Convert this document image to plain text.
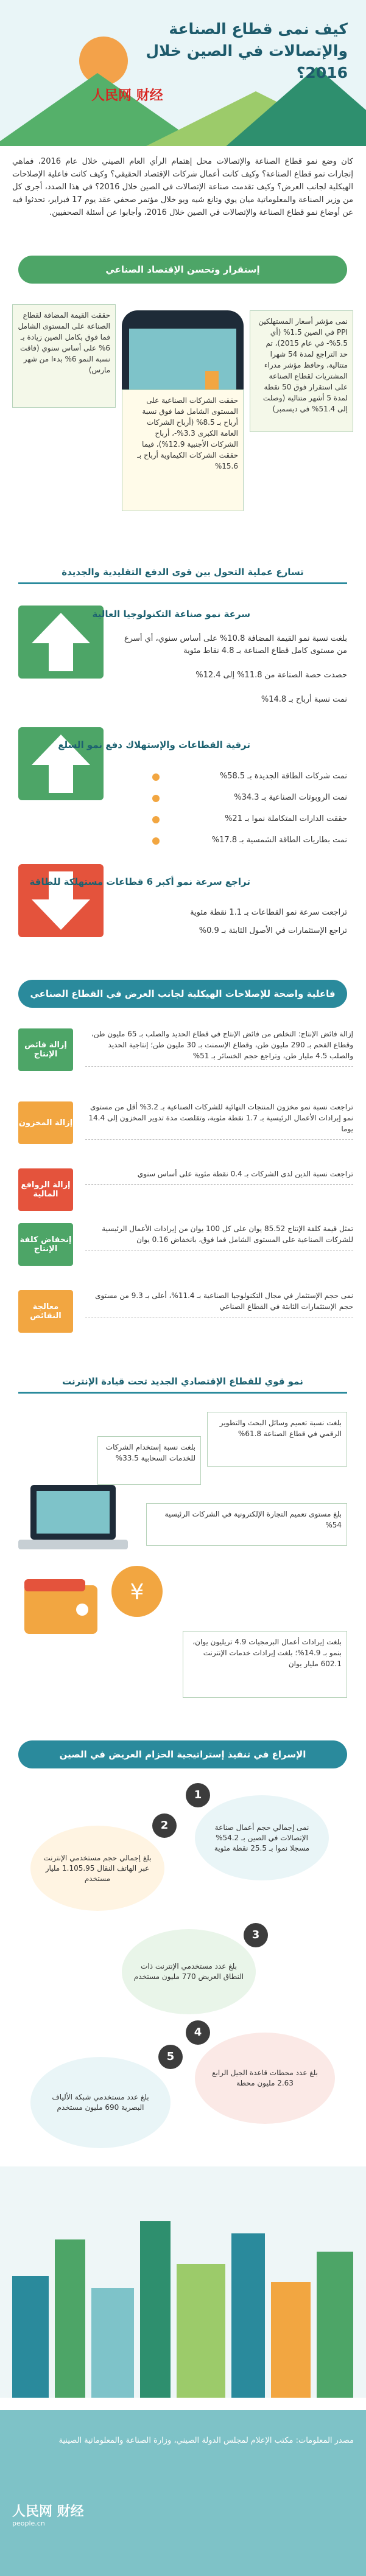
كيف نمى قطاع الصناعة والإتصالات في الصين خلال 2016؟
人民网 财经
كان وضع نمو قطاع الصناعة والإتصالات محل إهتمام الرأي العام الصيني خلال عام 2016، فماهي إنجازات نمو قطاع الصناعة؟ وكيف كانت أعمال شركات الإقتصاد الحقيقي؟ وكيف كانت فاعلية الإصلاحات الهيكلية لجانب العرض؟ وكيف تقدمت صناعة الإتصالات في الصين خلال 2016؟ في هذا الصدد، أجرى كل من وزير الصناعة والمعلوماتية ميان يوي وتانغ شيه ويو خلال مؤتمر صحفي عقد يوم 17 فبراير، تحدثوا فيه عن أوضاع نمو قطاع الصناعة والإتصالات في الصين خلال 2016، وأجابوا عن أسئلة الصحفيين.
إستقرار وتحسن الإقتصاد الصناعي
حققت القيمة المضافة لقطاع الصناعة على المستوى الشامل فما فوق بكامل الصين زيادة بـ 6% على أساس سنوي (فاقت نسبة النمو 6% بدءا من شهر مارس)
نمى مؤشر أسعار المستهلكين PPI في الصين 1.5% (أي 5.5%- في عام 2015)، تم حد التراجع لمدة 54 شهرا متتالية، وحافظ مؤشر مدراء المشتريات لقطاع الصناعة على استقرار فوق 50 نقطة لمدة 5 أشهر متتالية (وصلت إلى 51.4% في ديسمبر)
حققت الشركات الصناعية على المستوى الشامل فما فوق نسبة أرباح بـ 8.5% (أرباح الشركات العامة الكبرى 3.3%-، أرباح الشركات الأجنبية 12.9%)، فيما حققت الشركات الكيماوية أرباح بـ 15.6%
تسارع عملية التحول بين قوى الدفع التقليدية والجديدة
سرعة نمو صناعة التكنولوجيا العالية
بلغت نسبة نمو القيمة المضافة 10.8% على أساس سنوي، أي أسرع من مستوى كامل قطاع الصناعة بـ 4.8 نقاط مئوية
حصدت حصة الصناعة من 11.8% إلى 12.4%
نمت نسبة أرباح بـ 14.8%
ترقية القطاعات والإستهلاك دفع نمو السلع
نمت شركات الطاقة الجديدة بـ 58.5%
نمت الروبوتات الصناعية بـ 34.3%
حققت الدارات المتكاملة نموا بـ 21%
نمت بطاريات الطاقة الشمسية بـ 17.8%
تراجع سرعة نمو أكبر 6 قطاعات مستهلكة للطاقة
تراجعت سرعة نمو القطاعات بـ 1.1 نقطة مئوية
تراجع الإستثمارات في الأصول الثابتة بـ 0.9%
فاعلية واضحة للإصلاحات الهيكلية لجانب العرض في القطاع الصناعي
إزالة فائض الإنتاج
إزالة فائض الإنتاج: التخلص من فائض الإنتاج في قطاع الحديد والصلب بـ 65 مليون طن، وقطاع الفحم بـ 290 مليون طن، وقطاع الإسمنت بـ 30 مليون طن؛ إنتاجية الحديد والصلب 4.5 مليار طن، وتراجع حجم الخسائر بـ 51%
إزالة المخزون
تراجعت نسبة نمو مخزون المنتجات النهائية للشركات الصناعية بـ 3.2% أقل من مستوى نمو إيرادات الأعمال الرئيسية بـ 1.7 نقطة مئوية، وتقلصت مدة تدوير المخزون إلى 14.4 يوما
إزالة الروافع المالية
تراجعت نسبة الدين لدى الشركات بـ 0.4 نقطة مئوية على أساس سنوي
إنخفاض كلفة الإنتاج
تمثل قيمة كلفة الإنتاج 85.52 يوان على كل 100 يوان من إيرادات الأعمال الرئيسية للشركات الصناعية على المستوى الشامل فما فوق، بانخفاض 0.16 يوان
معالجة النقائص
نمى حجم الإستثمار في مجال التكنولوجيا الصناعية بـ 11.4%، أعلى بـ 9.3 من مستوى حجم الإستثمارات الثابتة في القطاع الصناعي
نمو قوي للقطاع الإقتصادي الجديد تحت قيادة الإنترنت
بلغت نسبة تعميم وسائل البحث والتطوير الرقمي في قطاع الصناعة 61.8%
بلغت نسبة إستخدام الشركات للخدمات السحابية 33.5%
بلغ مستوى تعميم التجارة الإلكترونية في الشركات الرئيسية 54%
¥
بلغت إيرادات أعمال البرمجيات 4.9 تريليون يوان، بنمو بـ 14.9%؛ بلغت إيرادات خدمات الإنترنت 602.1 مليار يوان
الإسراع في تنفيذ إستراتيجية الحزام العريض في الصين
نمى إجمالي حجم أعمال صناعة الإتصالات في الصين بـ 54.2% مسجلا نموا بـ 25.5 نقطة مئوية
1
بلغ إجمالي حجم مستخدمي الإنترنت عبر الهاتف النقال 1.105.95 مليار مستخدم
2
بلغ عدد مستخدمي الإنترنت ذات النطاق العريض 770 مليون مستخدم
3
بلغ عدد محطات قاعدة الجيل الرابع 2.63 مليون محطة
4
بلغ عدد مستخدمي شبكة الألياف البصرية 690 مليون مستخدم
5
مصدر المعلومات: مكتب الإعلام لمجلس الدولة الصيني، وزارة الصناعة والمعلوماتية الصينية
人民网 财经
people.cn
